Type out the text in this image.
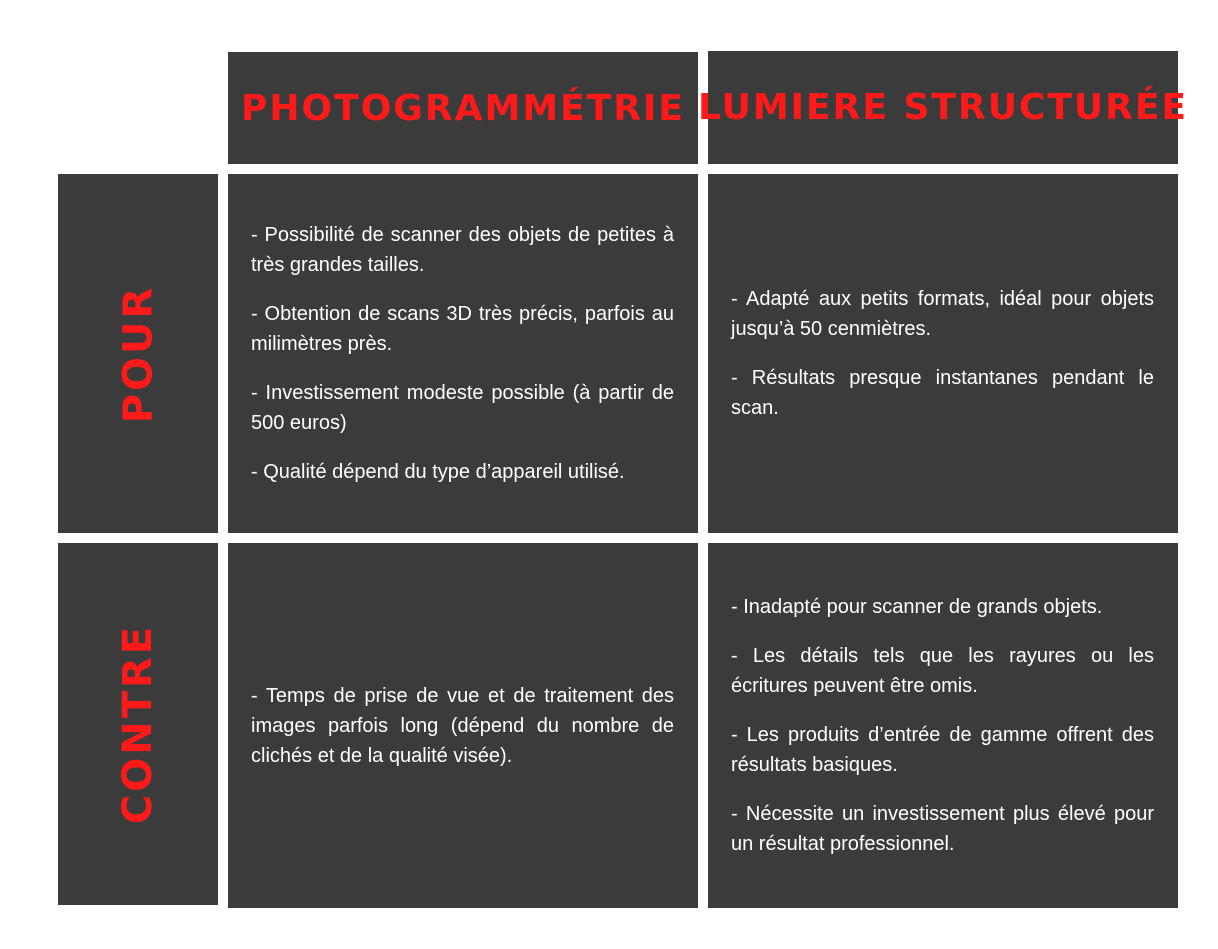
PHOTOGRAMMÉTRIE LUMIERE STRUCTURÉE
POUR

- Possibilité de scanner des objets de petites à très grandes tailles.

- Obtention de scans 3D très précis, parfois au milimètres près.

- Investissement modeste possible (à partir de 500 euros)

- Qualité dépend du type d’appareil utilisé.

- Adapté aux petits formats, idéal pour objets jusqu’à 50 cenmiètres.

- Résultats presque instantanes pendant le scan.

CONTRE	- Temps de prise de vue et de traitement des images parfois long (dépend du nombre de clichés et de la qualité visée).

- Inadapté pour scanner de grands objets.

- Les détails tels que les rayures ou les écritures peuvent être omis.

- Les produits d’entrée de gamme offrent des résultats basiques.

- Nécessite un investissement plus élevé pour un résultat professionnel.
